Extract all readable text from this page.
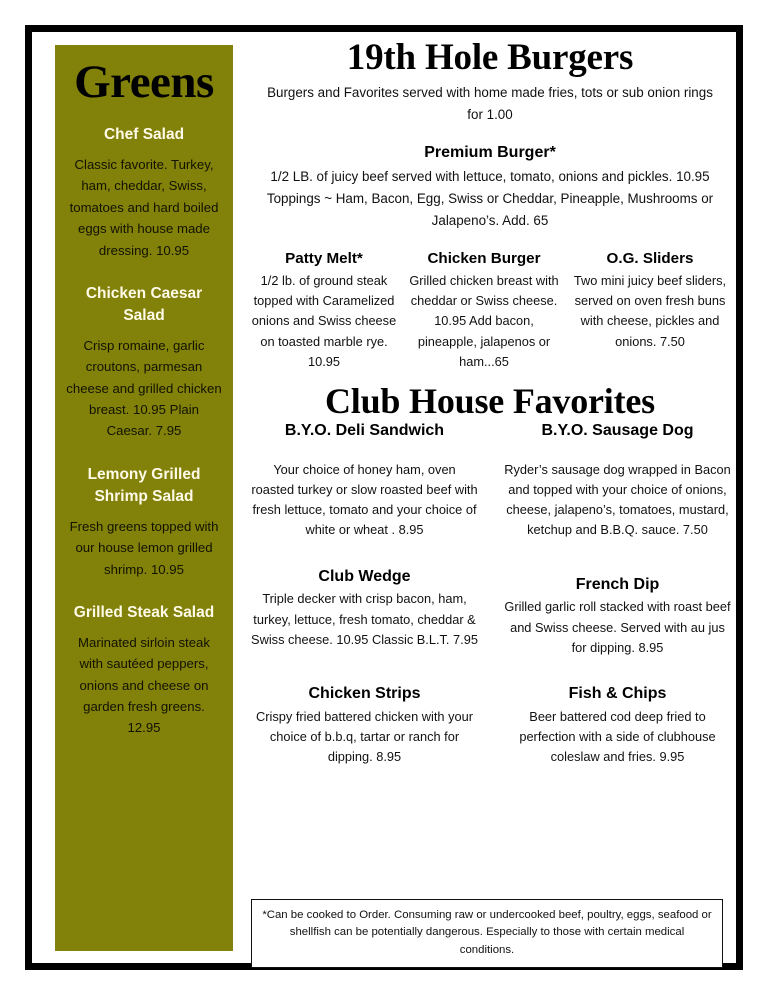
Greens
Chef Salad
Classic favorite. Turkey, ham, cheddar, Swiss, tomatoes and hard boiled eggs with house made dressing. 10.95
Chicken Caesar Salad
Crisp romaine, garlic croutons, parmesan cheese and grilled chicken breast. 10.95 Plain Caesar. 7.95
Lemony Grilled Shrimp Salad
Fresh greens topped with our house lemon grilled shrimp. 10.95
Grilled Steak Salad
Marinated sirloin steak with sautéed peppers, onions and cheese on garden fresh greens. 12.95
19th Hole Burgers
Burgers and Favorites served with home made fries, tots or sub onion rings for 1.00
Premium Burger*
1/2 LB. of juicy beef served with lettuce, tomato, onions and pickles. 10.95 Toppings ~ Ham, Bacon, Egg, Swiss or Cheddar, Pineapple, Mushrooms or Jalapeno’s. Add. 65
Patty Melt*
1/2 lb. of ground steak topped with Caramelized onions and Swiss cheese on toasted marble rye. 10.95
Chicken Burger
Grilled chicken breast with cheddar or Swiss cheese. 10.95 Add bacon, pineapple, jalapenos or ham...65
O.G. Sliders
Two mini juicy beef sliders, served on oven fresh buns with cheese, pickles and onions. 7.50
Club House Favorites
B.Y.O. Deli Sandwich
Your choice of honey ham, oven roasted turkey or slow roasted beef with fresh lettuce, tomato and your choice of white or wheat . 8.95
B.Y.O. Sausage Dog
Ryder’s sausage dog wrapped in Bacon and topped with your choice of onions, cheese, jalapeno’s, tomatoes, mustard, ketchup and B.B.Q. sauce. 7.50
Club Wedge
Triple decker with crisp bacon, ham, turkey, lettuce, fresh tomato, cheddar & Swiss cheese. 10.95 Classic B.L.T. 7.95
French Dip
Grilled garlic roll stacked with roast beef and Swiss cheese. Served with au jus for dipping. 8.95
Chicken Strips
Crispy fried battered chicken with your choice of b.b.q, tartar or ranch for dipping. 8.95
Fish & Chips
Beer battered cod deep fried to perfection with a side of clubhouse coleslaw and fries. 9.95
*Can be cooked to Order. Consuming raw or undercooked beef, poultry, eggs, seafood or shellfish can be potentially dangerous. Especially to those with certain medical conditions.
